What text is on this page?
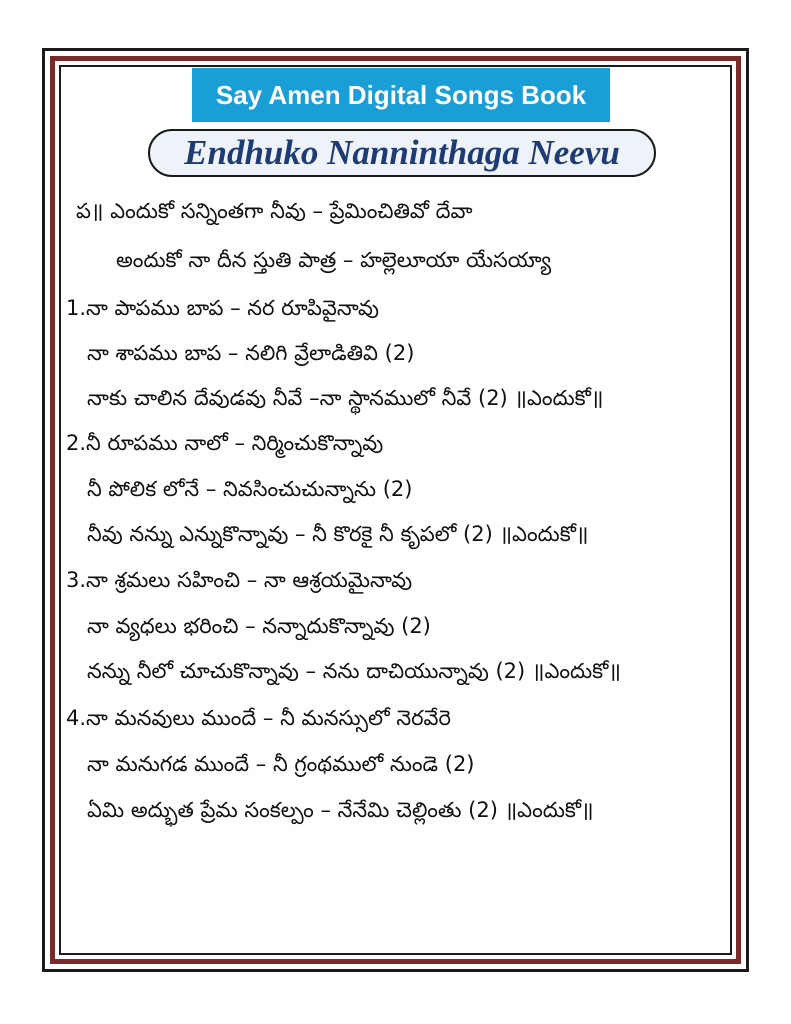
Say Amen Digital Songs Book
Endhuko Nanninthaga Neevu
ప॥ ఎందుకో సన్నింతగా నీవు – ప్రేమించితివో దేవా
అందుకో నా దీన స్తుతి పాత్ర – హల్లెలూయా యేసయ్యా
1.నా పాపము బాప – నర రూపివైనావు
నా శాపము బాప – నలిగి వ్రేలాడితివి (2)
నాకు చాలిన దేవుడవు నీవే –నా స్థానములో నీవే (2) ॥ఎందుకో॥
2.నీ రూపము నాలో – నిర్మించుకొన్నావు
నీ పోలిక లోనే – నివసించుచున్నాను (2)
నీవు నన్ను ఎన్నుకొన్నావు – నీ కొరకై నీ కృపలో (2) ॥ఎందుకో॥
3.నా శ్రమలు సహించి – నా ఆశ్రయమైనావు
నా వ్యధలు భరించి – నన్నాదుకొన్నావు (2)
నన్ను నీలో చూచుకొన్నావు – నను దాచియున్నావు (2) ॥ఎందుకో॥
4.నా మనవులు ముందే – నీ మనస్సులో నెరవేరె
నా మనుగడ ముందే – నీ గ్రంథములో నుండె (2)
ఏమి అద్భుత ప్రేమ సంకల్పం – నేనేమి చెల్లింతు (2) ॥ఎందుకో॥
